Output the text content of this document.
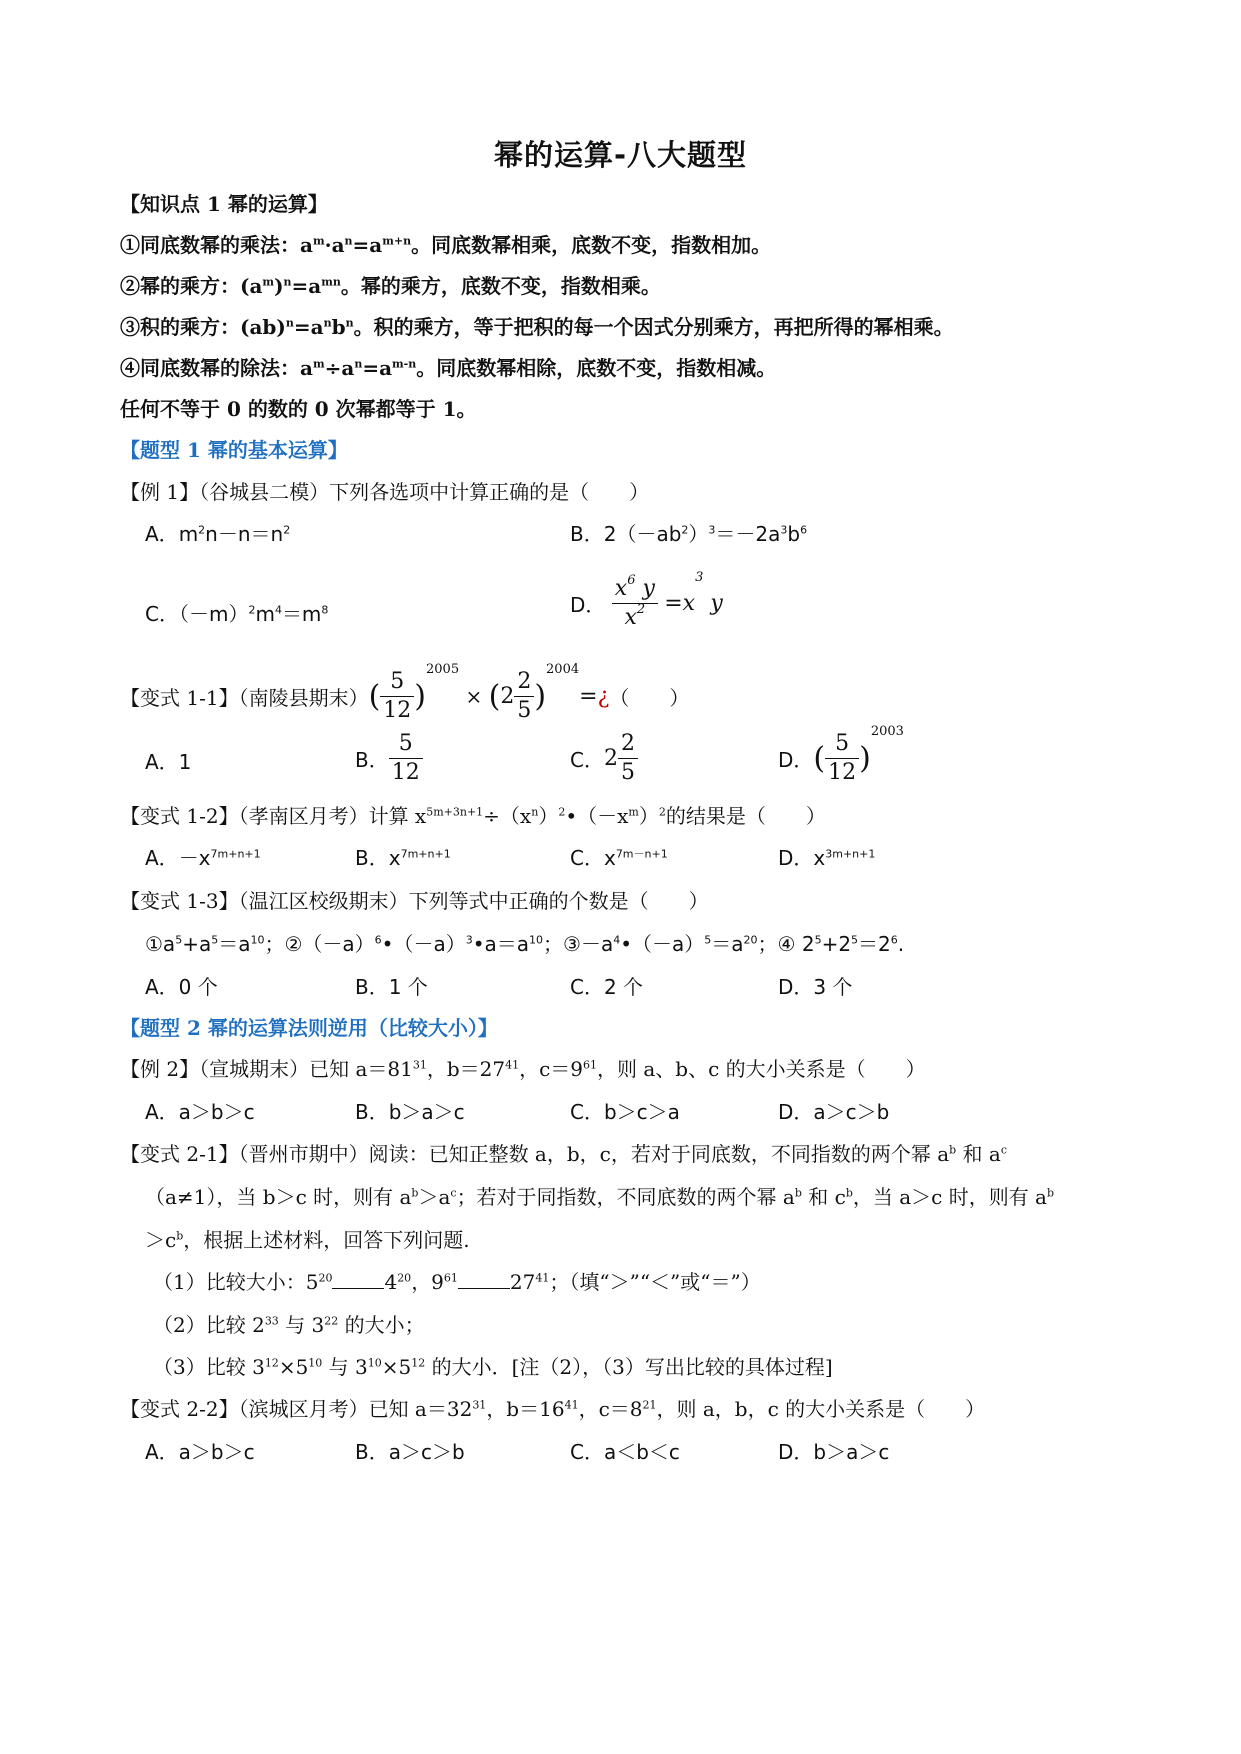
幂的运算-八大题型
【知识点 1 幂的运算】
①同底数幂的乘法：$a^m\cdot a^n=a^{m+n}$。同底数幂相乘，底数不变，指数相加。
②幂的乘方：$(a^m)^n=a^{mn}$。幂的乘方，底数不变，指数相乘。
③积的乘方：$(ab)^n=a^nb^n$。积的乘方，等于把积的每一个因式分别乘方，再把所得的幂相乘。
④同底数幂的除法：$a^m\div a^n=a^{m-n}$。同底数幂相除，底数不变，指数相减。
任何不等于 0 的数的 0 次幂都等于 1。
【题型 1 幂的基本运算】
【例 1】（谷城县二模）下列各选项中计算正确的是（　　）
A．$m^2n-n=n^2$	B．$2(-ab^2)^3=-2a^3b^6$
C．$(-m)^2m^4=m^8$	D． $\frac{x^6 y}{x^2} =x^3$ y
【变式 1-1】（南陵县期末）( $\frac{5}{12} )^{2005} \times (2 \frac{2}{5}$ )$^{2004}$=¿（　　）
A．1	B． $\frac{5}{12}$	C．$2 \frac{2}{5}$	D．( $\frac{5}{12} )^{2003}$
【变式 1-2】（孝南区月考）计算 $x^{5m+3n+1}\div(x^n)^2•(-x^m)^2$的结果是（　　）
A．$-x^{7m+n+1}$	B．$x^{7m+n+1}$	C．$x^{7m-n+1}$	D．$x^{3m+n+1}$
【变式 1-3】（温江区校级期末）下列等式中正确的个数是（　　）
$①a^5+a^5=a^{10}$；$②(-a)^6•(-a)^3•a=a^{10}$；$③-a^4•(-a)^5=a^{20}$；④ $2^5+2^5=2^6$.
A．0 个	B．1 个	C．2 个	D．3 个
【题型 2 幂的运算法则逆用（比较大小）】
【例 2】（宣城期末）已知 $a=81^{31}$，$b=27^{41}$，$c=9^{61}$，则 a、b、c 的大小关系是（　　）
A．a＞b＞c	B．b＞a＞c	C．b＞c＞a	D．a＞c＞b
【变式 2-1】（晋州市期中）阅读：已知正整数 a，b，c，若对于同底数，不同指数的两个幂 $a^b$ 和 $a^c$
（a≠1），当 b＞c 时，则有 $a^b>a^c$；若对于同指数，不同底数的两个幂 $a^b$ 和 $c^b$，当 a＞c 时，则有 $a^b$
$>c^b$，根据上述材料，回答下列问题.
（1）比较大小：$5^{20}$	$4^{20}$，$9^{61}$	$27^{41}$；（填“＞”“＜”或“＝”）
（2）比较 $2^{33}$ 与 $3^{22}$ 的大小；
（3）比较 $3^{12}\times 5^{10}$ 与 $3^{10}\times 5^{12}$ 的大小．[注（2），（3）写出比较的具体过程]
【变式 2-2】（滨城区月考）已知 $a=32^{31}$，$b=16^{41}$，$c=8^{21}$，则 a，b，c 的大小关系是（　　）
A．a＞b＞c	B．a＞c＞b	C．a＜b＜c	D．b＞a＞c
